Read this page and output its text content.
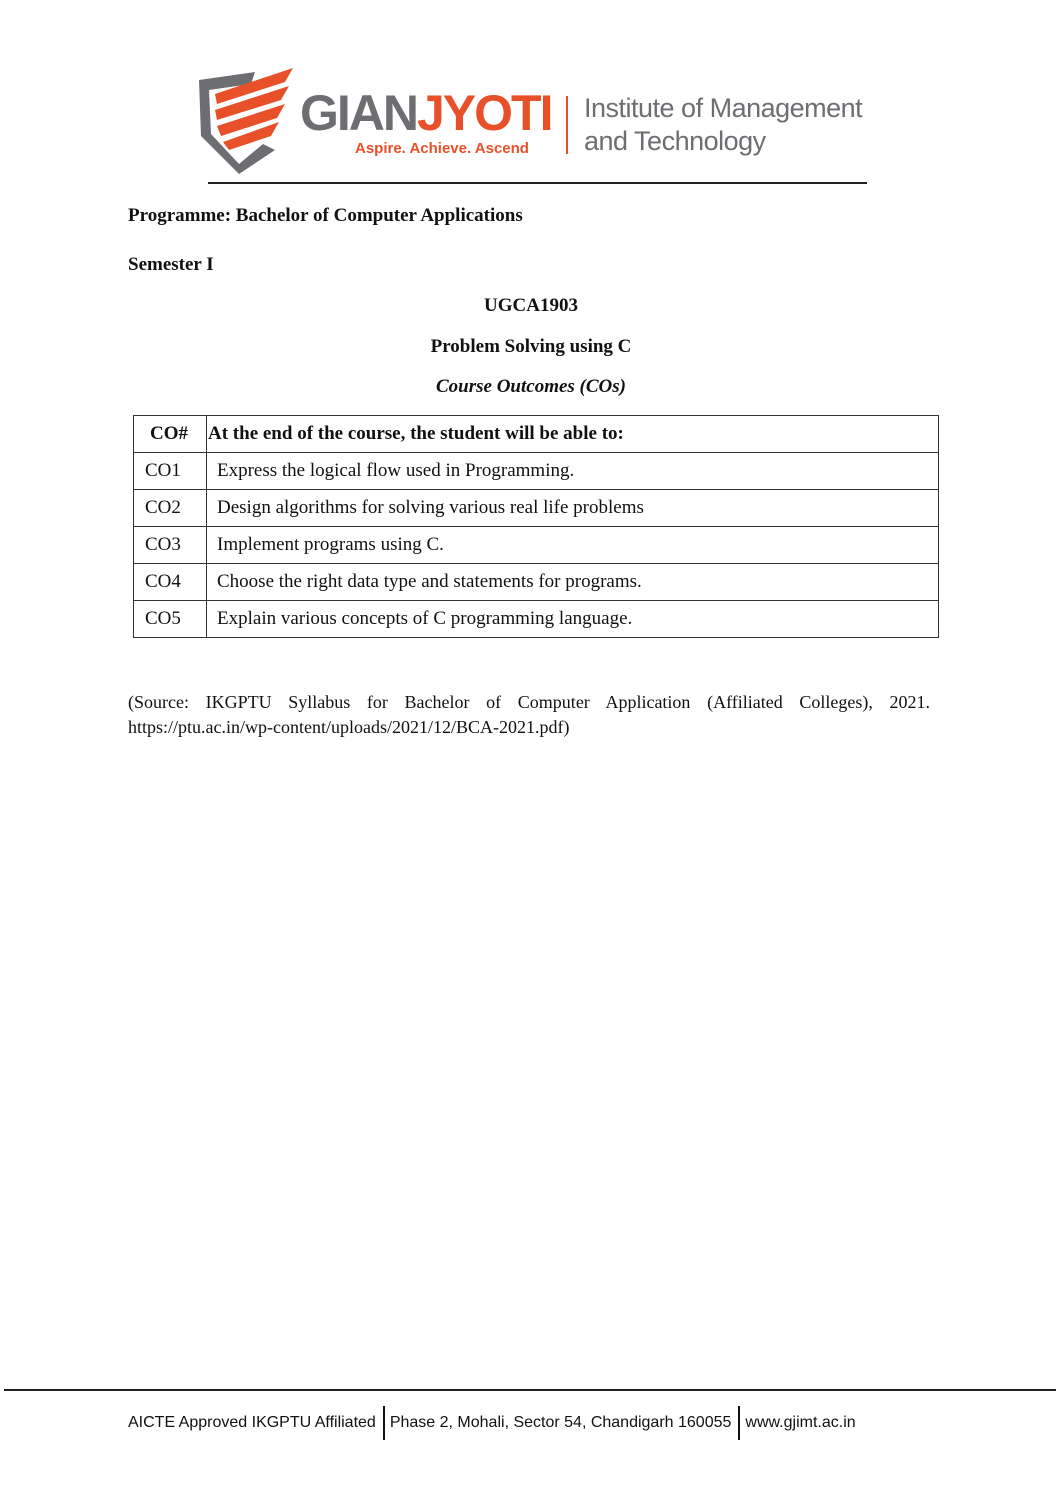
GIANJYOTI
Aspire. Achieve. Ascend
Institute of Management
and Technology
Programme: Bachelor of Computer Applications
Semester I
UGCA1903
Problem Solving using C
Course Outcomes (COs)
CO#	At the end of the course, the student will be able to:
CO1	Express the logical flow used in Programming.
CO2	Design algorithms for solving various real life problems
CO3	Implement programs using C.
CO4	Choose the right data type and statements for programs.
CO5	Explain various concepts of C programming language.
(Source: IKGPTU Syllabus for Bachelor of Computer Application (Affiliated Colleges), 2021. https://ptu.ac.in/wp-content/uploads/2021/12/BCA-2021.pdf)
AICTE Approved IKGPTU Affiliated Phase 2, Mohali, Sector 54, Chandigarh 160055 www.gjimt.ac.in
